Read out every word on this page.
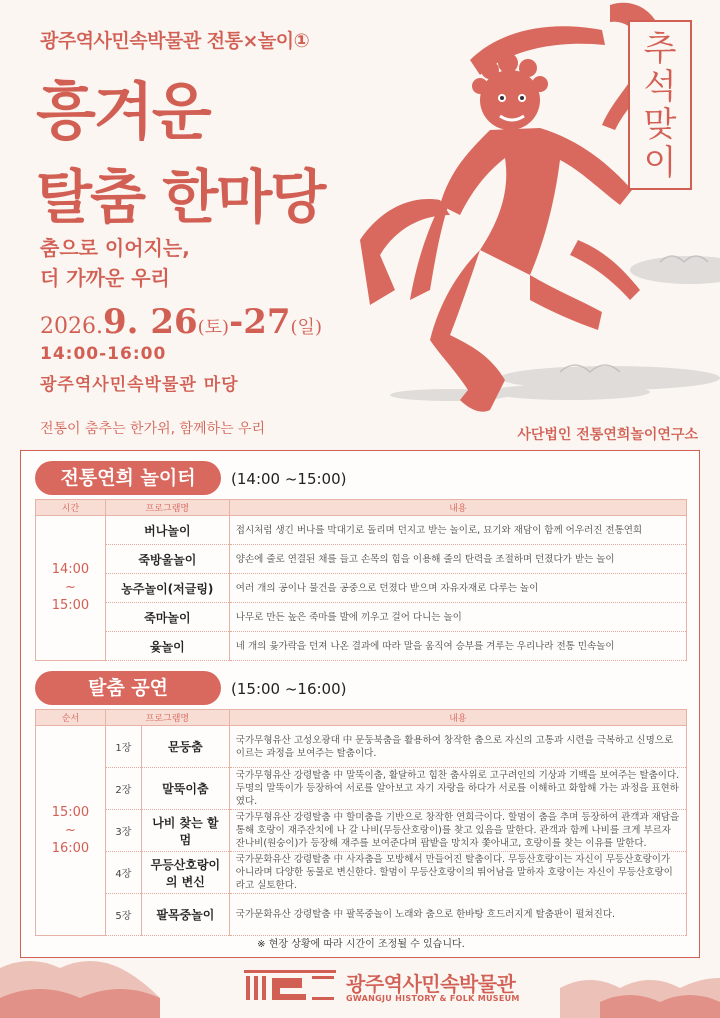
광주역사민속박물관 전통×놀이①
흥겨운
탈춤 한마당
춤으로 이어지는,
더 가까운 우리
2026.9. 26(토)-27(일)
14:00-16:00
광주역사민속박물관 마당
전통이 춤추는 한가위, 함께하는 우리	사단법인 전통연희놀이연구소
추석맞이
전통연희 놀이터	(14:00 ~15:00)
시간	프로그램명	내용

14:00
~
15:00	버나놀이	접시처럼 생긴 버나를 막대기로 돌리며 던지고 받는 놀이로, 묘기와 재담이 함께 어우러진 전통연희
	죽방울놀이	양손에 줄로 연결된 채를 들고 손목의 힘을 이용해 줄의 탄력을 조절하며 던졌다가 받는 놀이
	농주놀이(저글링)	여러 개의 공이나 물건을 공중으로 던졌다 받으며 자유자재로 다루는 놀이
	죽마놀이	나무로 만든 높은 죽마를 발에 끼우고 걸어 다니는 놀이
	윷놀이	네 개의 윷가락을 던져 나온 결과에 따라 말을 움직여 승부를 겨루는 우리나라 전통 민속놀이
탈춤 공연	(15:00 ~16:00)
순서	프로그램명		내용

15:00
~
16:00	1장	문둥춤	국가무형유산 고성오광대 中 문둥북춤을 활용하여 창작한 춤으로 자신의 고통과 시련을 극복하고 신명으로 이르는 과정을 보여주는 탈춤이다.
	2장	말뚝이춤	국가무형유산 강령탈춤 中 말뚝이춤, 활달하고 힘찬 춤사위로 고구려인의 기상과 기백을 보여주는 탈춤이다. 두명의 말뚝이가 등장하여 서로를 알아보고 자기 자랑을 하다가 서로를 이해하고 화합해 가는 과정을 표현하였다.
	3장	나비 찾는 할멈	국가무형유산 강령탈춤 中 할미춤을 기반으로 창작한 연희극이다. 할멈이 춤을 추며 등장하여 관객과 재담을 통해 호랑이 재주잔치에 나 갈 나비(무등산호랑이)를 찾고 있음을 말한다. 관객과 함께 나비를 크게 부르자 잔나비(원숭이)가 등장해 재주를 보여준다며 팝밭을 망치자 쫓아내고, 호랑이를 찾는 이유를 말한다.
	4장	무등산호랑이의 변신	국가문화유산 강령탈춤 中 사자춤을 모방해서 만들어진 탈춤이다. 무등산호랑이는 자신이 무등산호랑이가 아니라며 다양한 동물로 변신한다. 할멈이 무등산호랑이의 뛰어남을 말하자 호랑이는 자신이 무등산호랑이라고 실토한다.
	5장	팔목중놀이	국가문화유산 강령탈춤 中 팔목중놀이 노래와 춤으로 한바탕 흐드러지게 탈춤판이 펼쳐진다.
※ 현장 상황에 따라 시간이 조정될 수 있습니다.
광주역사민속박물관
GWANGJU HISTORY & FOLK MUSEUM
